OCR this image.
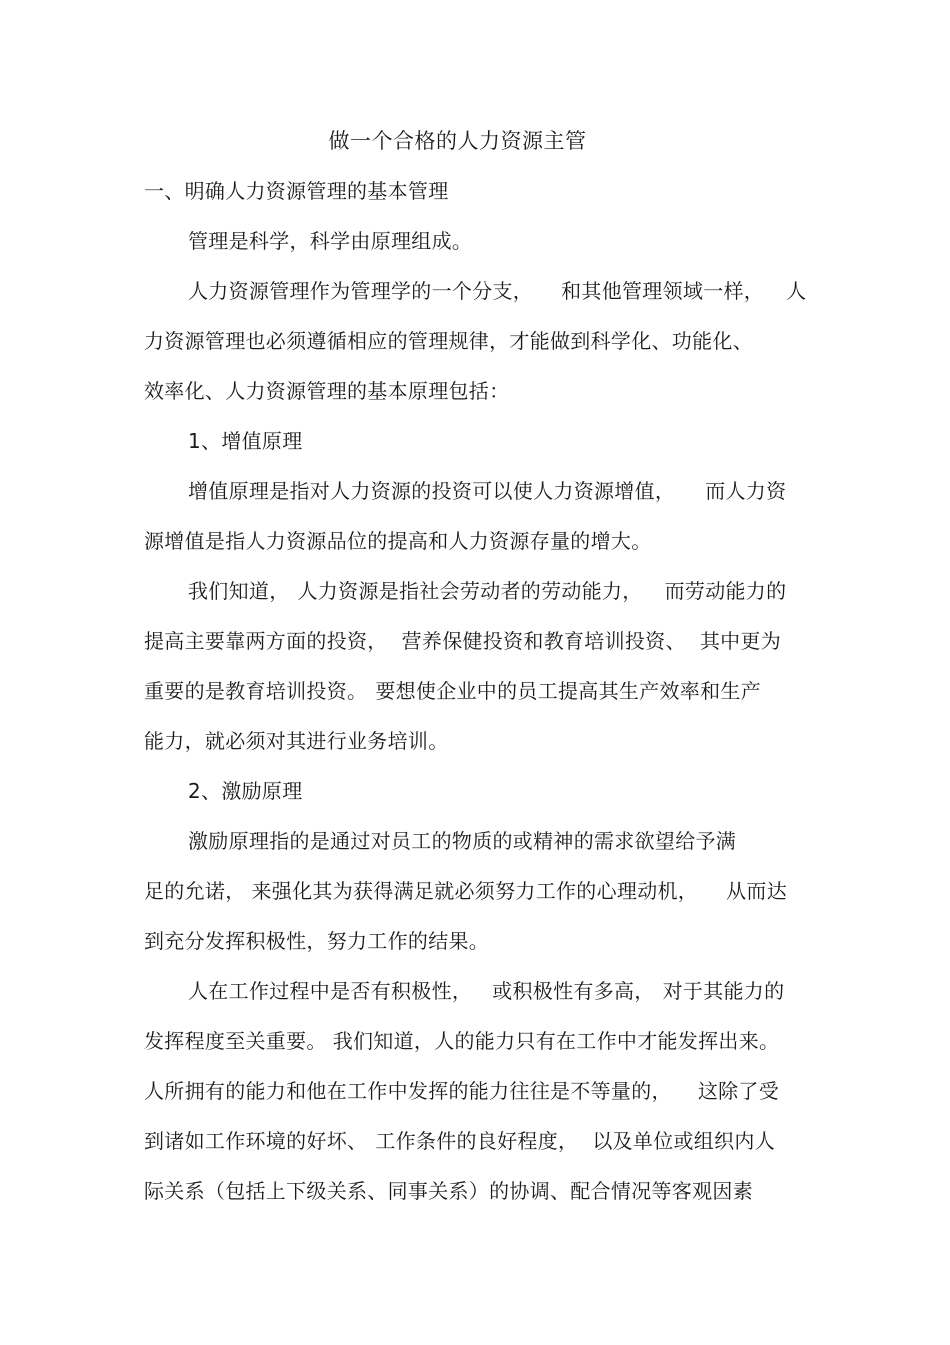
做一个合格的人力资源主管
一、明确人力资源管理的基本管理
管理是科学，科学由原理组成。
人力资源管理作为管理学的一个分支， 和其他管理领域一样， 人
力资源管理也必须遵循相应的管理规律，才能做到科学化、功能化、
效率化、人力资源管理的基本原理包括：
1、增值原理
增值原理是指对人力资源的投资可以使人力资源增值， 而人力资
源增值是指人力资源品位的提高和人力资源存量的增大。
我们知道， 人力资源是指社会劳动者的劳动能力， 而劳动能力的
提高主要靠两方面的投资， 营养保健投资和教育培训投资、 其中更为
重要的是教育培训投资。 要想使企业中的员工提高其生产效率和生产
能力，就必须对其进行业务培训。
2、激励原理
激励原理指的是通过对员工的物质的或精神的需求欲望给予满
足的允诺， 来强化其为获得满足就必须努力工作的心理动机， 从而达
到充分发挥积极性，努力工作的结果。
人在工作过程中是否有积极性， 或积极性有多高， 对于其能力的
发挥程度至关重要。 我们知道，人的能力只有在工作中才能发挥出来。
人所拥有的能力和他在工作中发挥的能力往往是不等量的， 这除了受
到诸如工作环境的好坏、 工作条件的良好程度， 以及单位或组织内人
际关系（包括上下级关系、同事关系）的协调、配合情况等客观因素
